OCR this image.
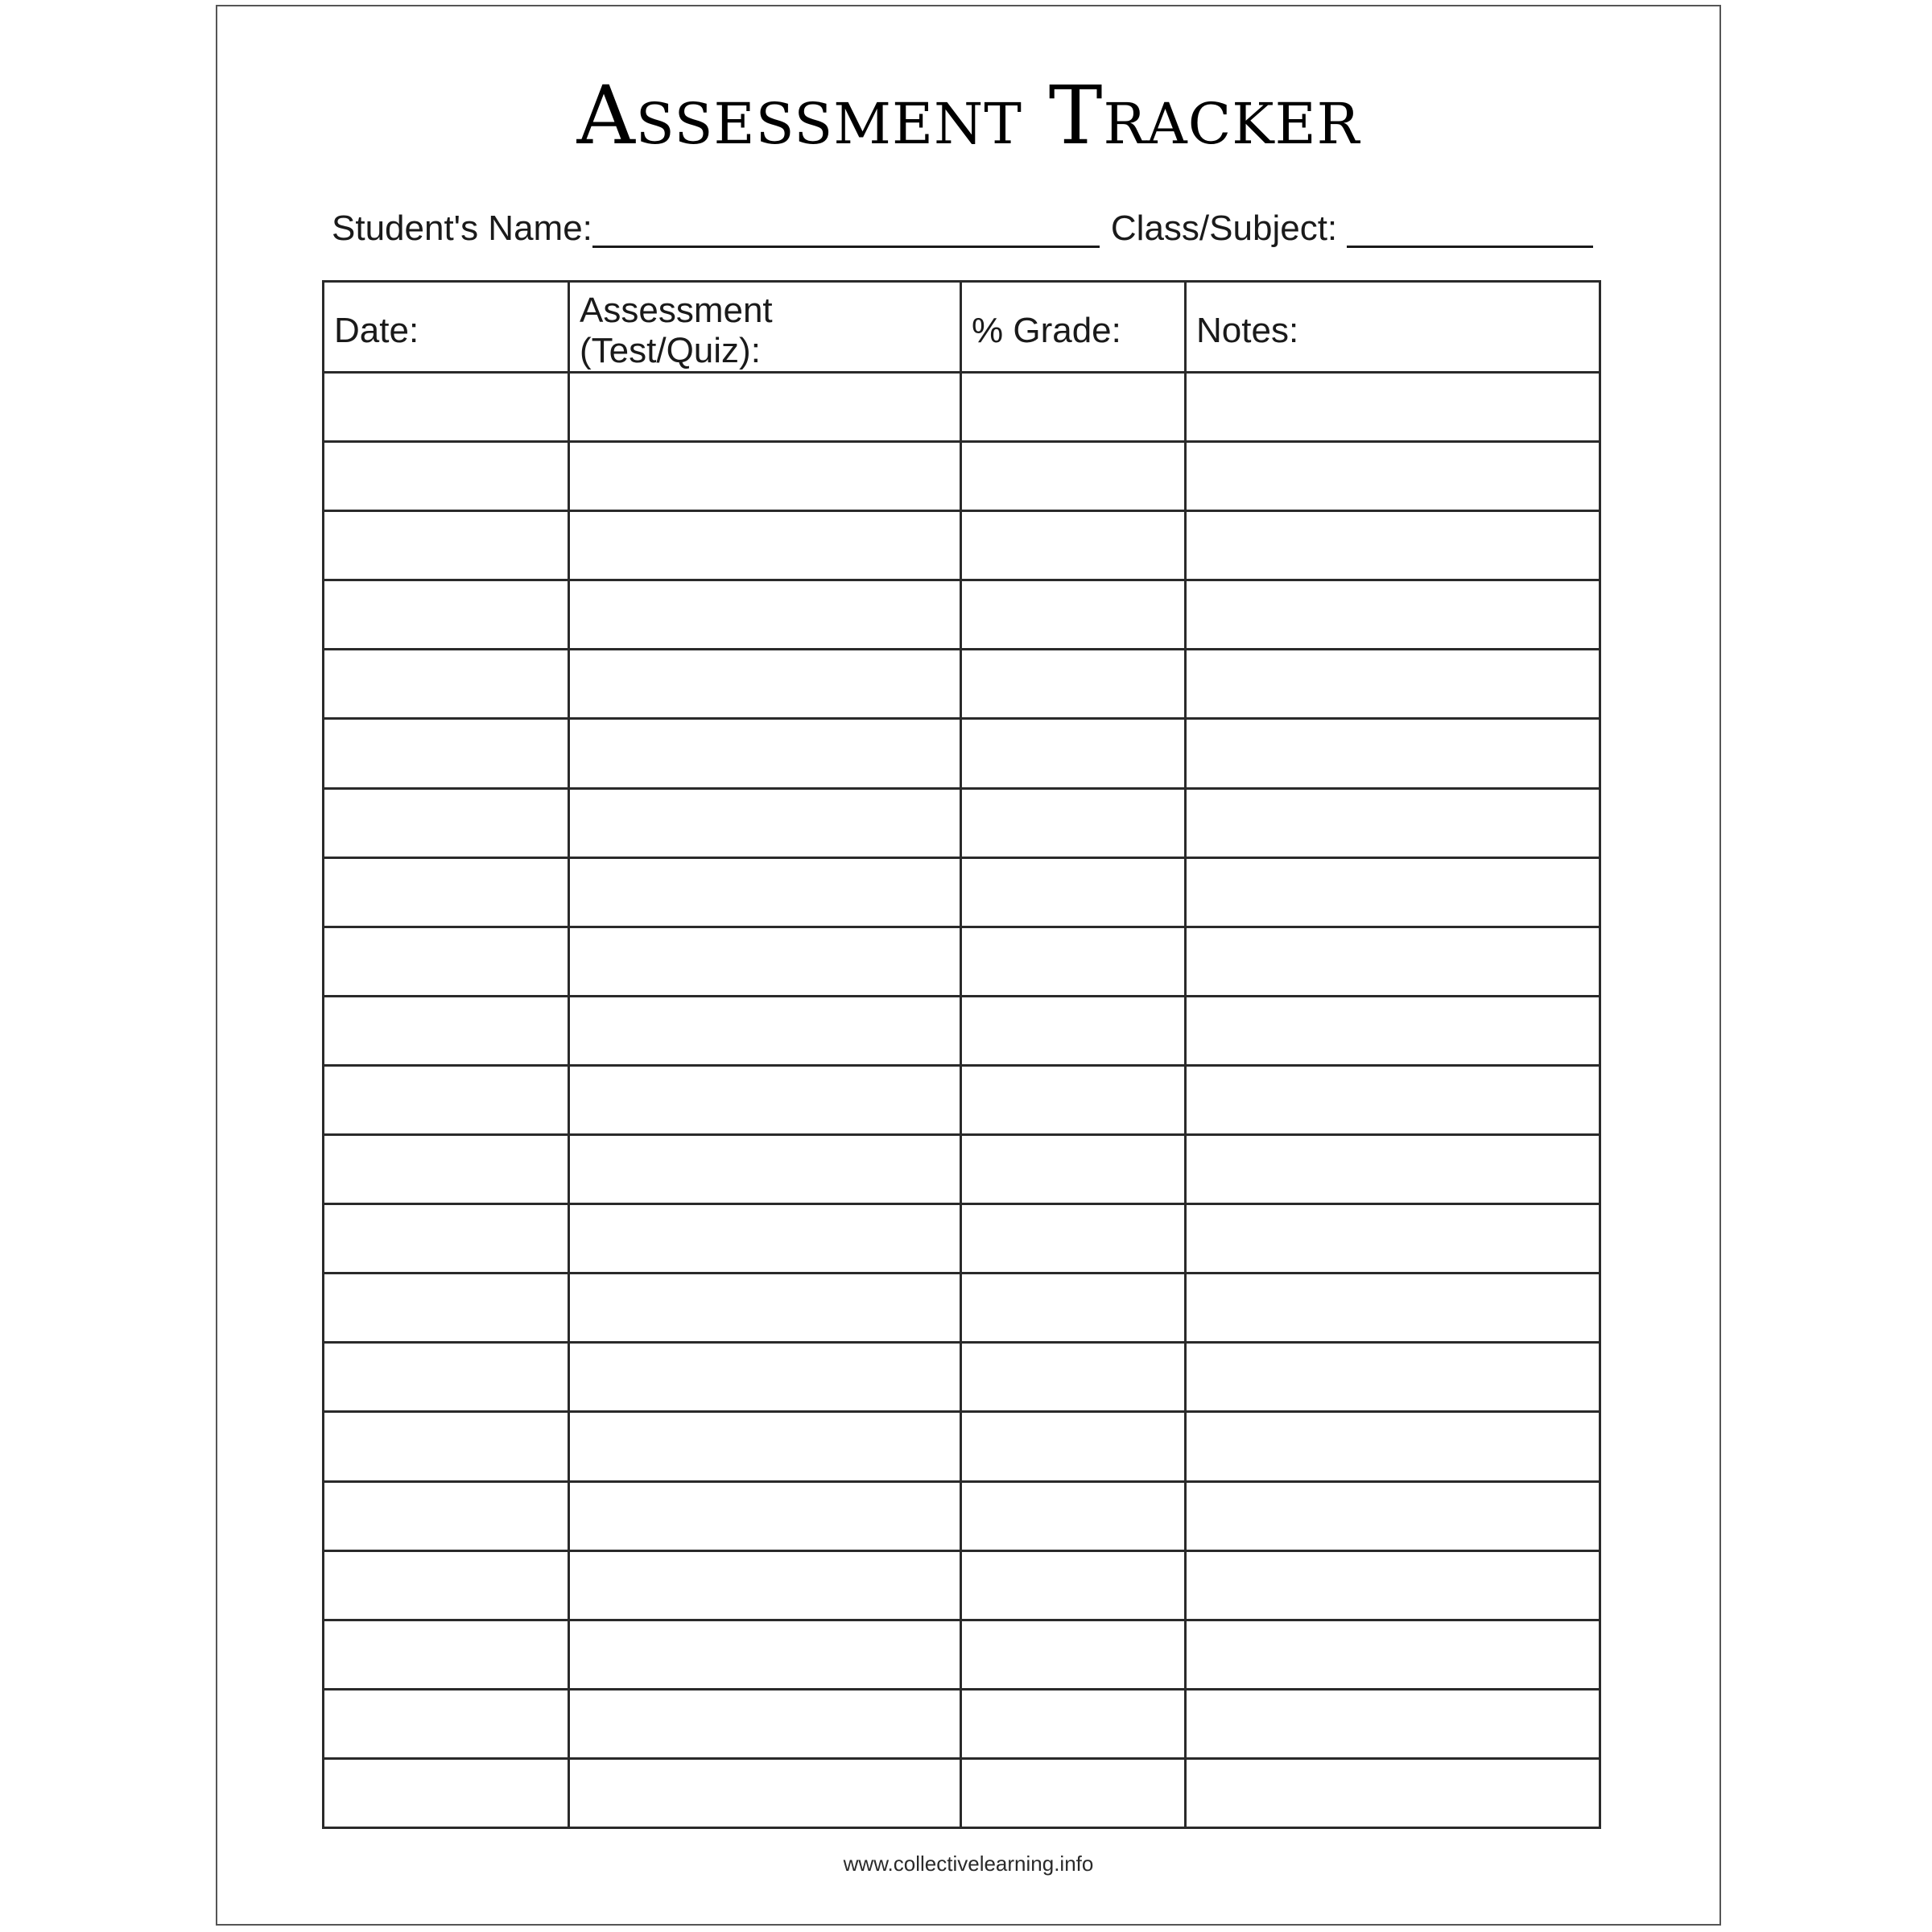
Assessment Tracker
Student's Name:	Class/Subject:
Date:	Assessment (Test/Quiz):	% Grade:	Notes:

www.collectivelearning.info
